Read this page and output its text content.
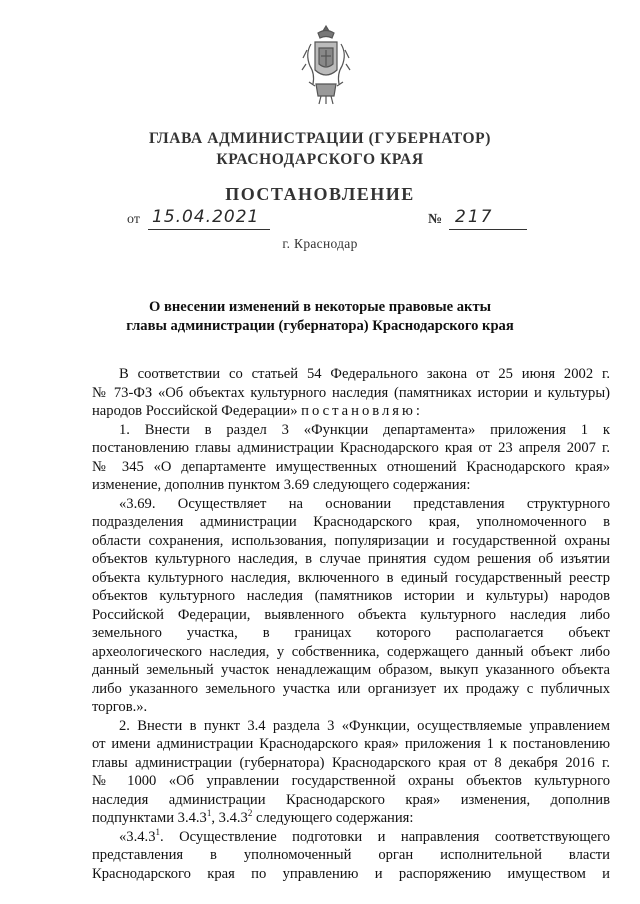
ГЛАВА АДМИНИСТРАЦИИ (ГУБЕРНАТОР)
КРАСНОДАРСКОГО КРАЯ
ПОСТАНОВЛЕНИЕ
от 15.04.2021	№ 217
г. Краснодар
О внесении изменений в некоторые правовые акты
главы администрации (губернатора) Краснодарского края

В соответствии со статьей 54 Федерального закона от 25 июня 2002 г.
№ 73-ФЗ «Об объектах культурного наследия (памятниках истории и культуры)
народов Российской Федерации» постановляю:

1. Внести в раздел 3 «Функции департамента» приложения 1 к
постановлению главы администрации Краснодарского края от 23 апреля 2007 г.
№ 345 «О департаменте имущественных отношений Краснодарского края»
изменение, дополнив пунктом 3.69 следующего содержания:

«3.69. Осуществляет на основании представления структурного
подразделения администрации Краснодарского края, уполномоченного в
области сохранения, использования, популяризации и государственной охраны
объектов культурного наследия, в случае принятия судом решения об изъятии
объекта культурного наследия, включенного в единый государственный реестр
объектов культурного наследия (памятников истории и культуры) народов
Российской Федерации, выявленного объекта культурного наследия либо
земельного участка, в границах которого располагается объект
археологического наследия, у собственника, содержащего данный объект либо
данный земельный участок ненадлежащим образом, выкуп указанного объекта
либо указанного земельного участка или организует их продажу с публичных
торгов.».

2. Внести в пункт 3.4 раздела 3 «Функции, осуществляемые управлением
от имени администрации Краснодарского края» приложения 1 к постановлению
главы администрации (губернатора) Краснодарского края от 8 декабря 2016 г.
№ 1000 «Об управлении государственной охраны объектов культурного
наследия администрации Краснодарского края» изменения, дополнив
подпунктами 3.4.3$^1$, 3.4.3$^2$ следующего содержания:

«3.4.3$^1$. Осуществление подготовки и направления соответствующего
представления в уполномоченный орган исполнительной власти
Краснодарского края по управлению и распоряжению имуществом и
